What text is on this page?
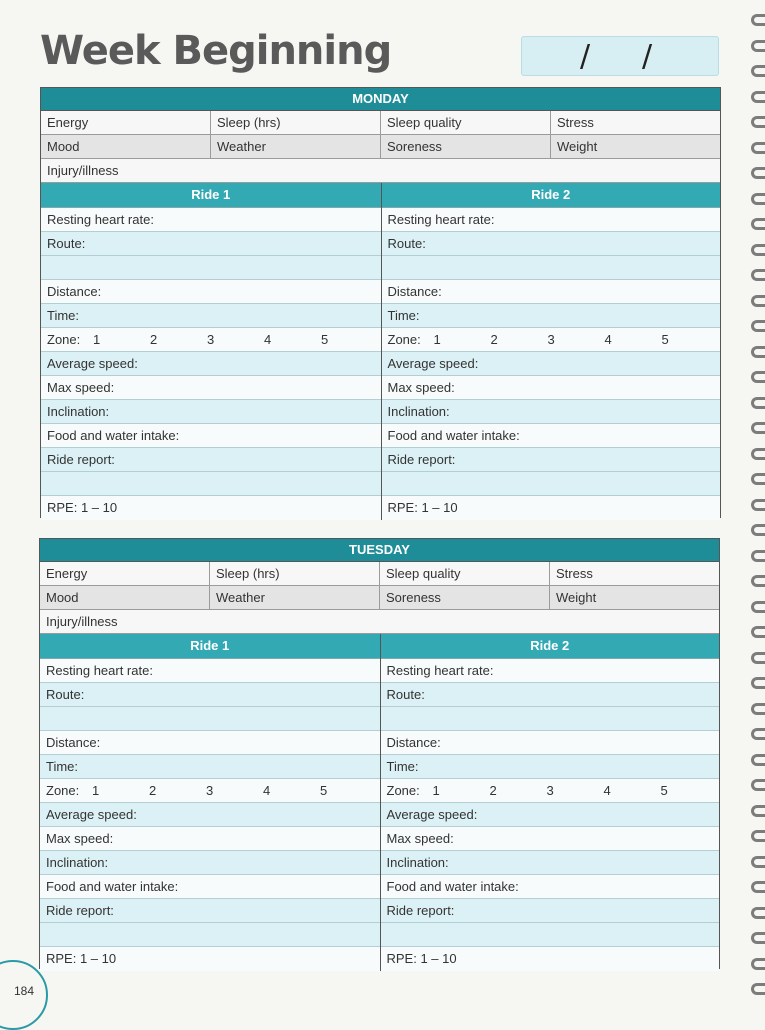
Week Beginning	/ /
MONDAY
Energy	Sleep (hrs)	Sleep quality	Stress
Mood	Weather	Soreness	Weight
Injury/illness
Ride 1
Resting heart rate:
Route:
Distance:
Time:
Zone: 1	2	3	4	5
Average speed:
Max speed:
Inclination:
Food and water intake:
Ride report:
RPE: 1 – 10
Ride 2
Resting heart rate:
Route:
Distance:
Time:
Zone: 1	2	3	4	5
Average speed:
Max speed:
Inclination:
Food and water intake:
Ride report:
RPE: 1 – 10
TUESDAY
Energy	Sleep (hrs)	Sleep quality	Stress
Mood	Weather	Soreness	Weight
Injury/illness
Ride 1
Resting heart rate:
Route:
Distance:
Time:
Zone: 1	2	3	4	5
Average speed:
Max speed:
Inclination:
Food and water intake:
Ride report:
RPE: 1 – 10
Ride 2
Resting heart rate:
Route:
Distance:
Time:
Zone: 1	2	3	4	5
Average speed:
Max speed:
Inclination:
Food and water intake:
Ride report:
RPE: 1 – 10
184
